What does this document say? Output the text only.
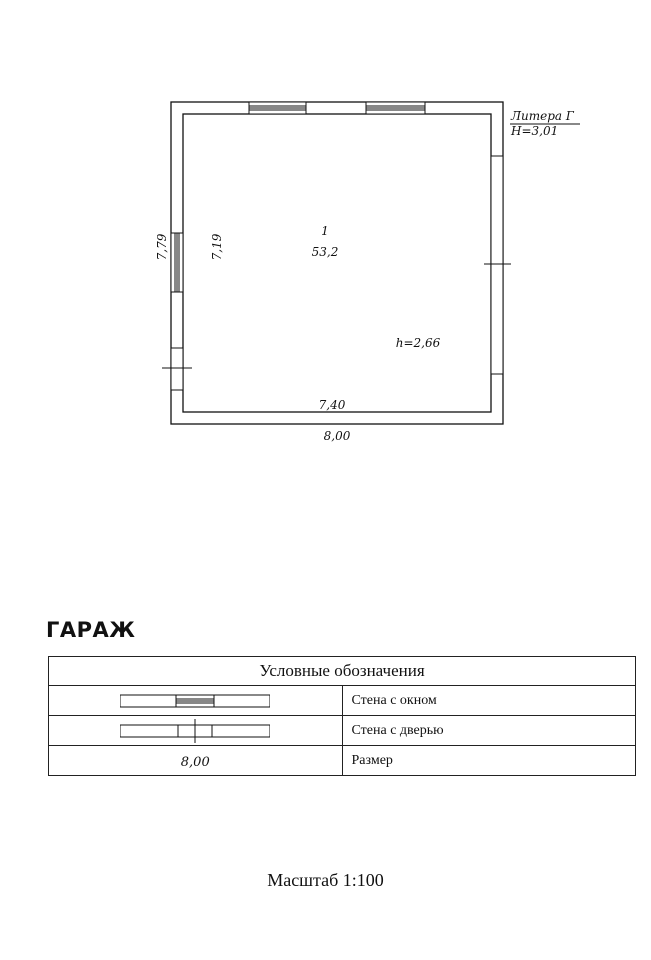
Литера Г
H=3,01
1
53,2
h=2,66
7,40
8,00
7,79	7,19
ГАРАЖ
Условные обозначения	

	Стена с окном

	Стена с дверью
8,00	Размер
Масштаб 1:100
